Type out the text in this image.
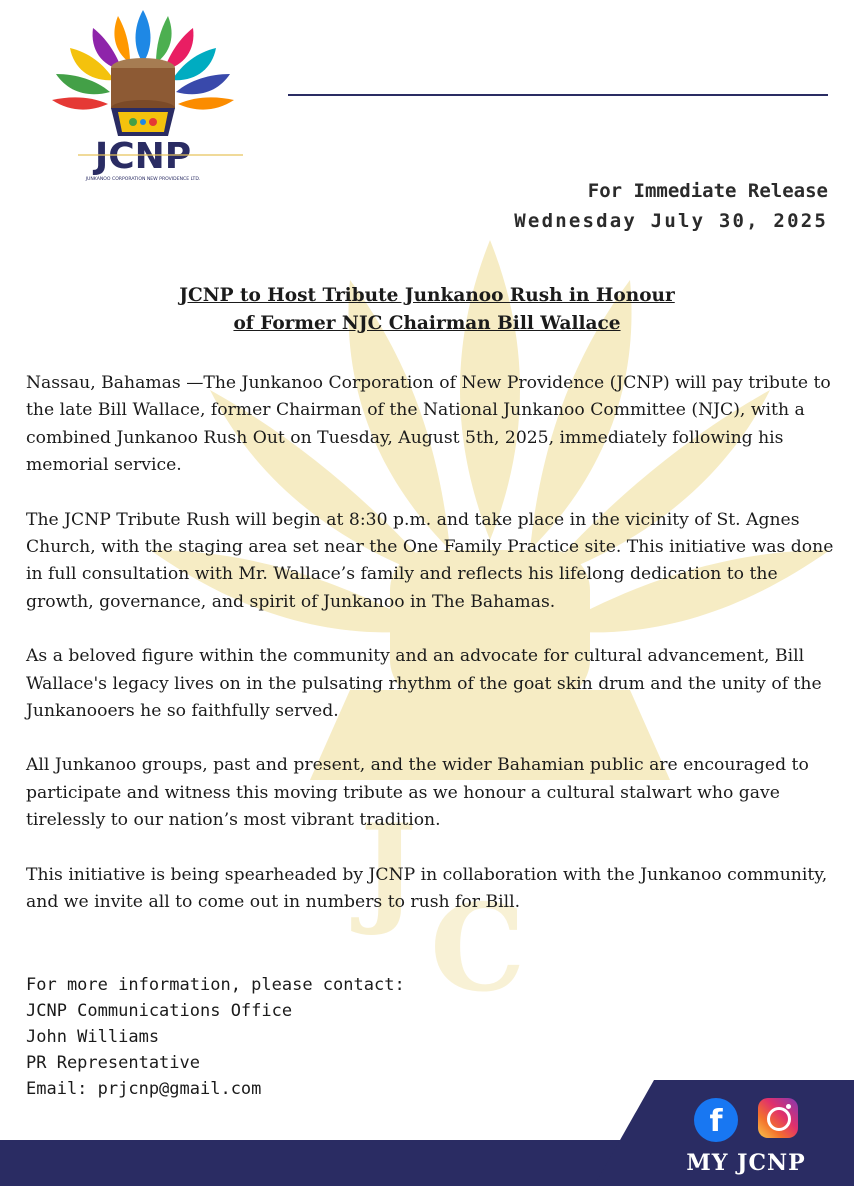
J
C
JCNP
JUNKANOO CORPORATION NEW PROVIDENCE LTD.
For Immediate Release
Wednesday July 30, 2025
JCNP to Host Tribute Junkanoo Rush in Honour
of Former NJC Chairman Bill Wallace

Nassau, Bahamas —The Junkanoo Corporation of New Providence (JCNP) will pay tribute to the late Bill Wallace, former Chairman of the National Junkanoo Committee (NJC), with a combined Junkanoo Rush Out on Tuesday, August 5th, 2025, immediately following his memorial service.

The JCNP Tribute Rush will begin at 8:30 p.m. and take place in the vicinity of St. Agnes Church, with the staging area set near the One Family Practice site. This initiative was done in full consultation with Mr. Wallace’s family and reflects his lifelong dedication to the growth, governance, and spirit of Junkanoo in The Bahamas.

As a beloved figure within the community and an advocate for cultural advancement, Bill Wallace's legacy lives on in the pulsating rhythm of the goat skin drum and the unity of the Junkanooers he so faithfully served.

All Junkanoo groups, past and present, and the wider Bahamian public are encouraged to participate and witness this moving tribute as we honour a cultural stalwart who gave tirelessly to our nation’s most vibrant tradition.

This initiative is being spearheaded by JCNP in collaboration with the Junkanoo community, and we invite all to come out in numbers to rush for Bill.

For more information, please contact:
JCNP Communications Office
John Williams
PR Representative
Email: prjcnp@gmail.com
f
MY JCNP
